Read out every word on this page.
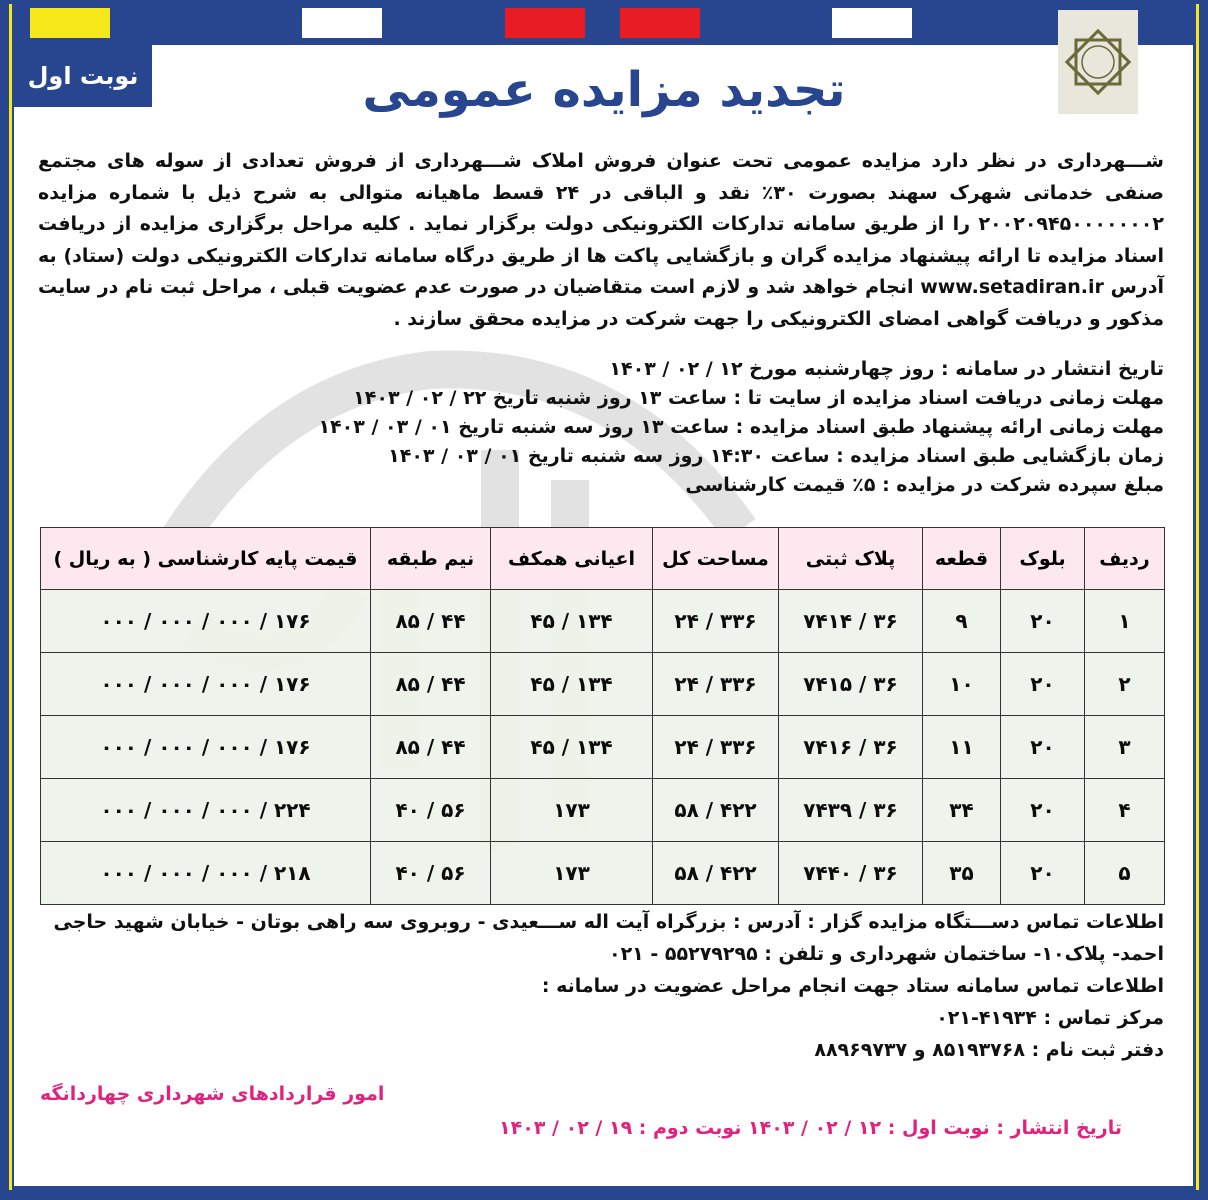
نوبت اول	تجدید مزایده عمومی
شـــهرداری در نظر دارد مزایده عمومی تحت عنوان فروش املاک شـــهرداری از فروش تعدادی از سوله های مجتمع صنفی خدماتی شهرک سهند بصورت ۳۰٪ نقد و الباقی در ۲۴ قسط ماهیانه متوالی به شرح ذیل با شماره مزایده ۲۰۰۲۰۹۴۵۰۰۰۰۰۰۰۲ را از طریق سامانه تدارکات الکترونیکی دولت برگزار نماید . کلیه مراحل برگزاری مزایده از دریافت اسناد مزایده تا ارائه پیشنهاد مزایده گران و بازگشایی پاکت ها از طریق درگاه سامانه تدارکات الکترونیکی دولت (ستاد) به آدرس www.setadiran.ir انجام خواهد شد و لازم است متقاضیان در صورت عدم عضویت قبلی ، مراحل ثبت نام در سایت مذکور و دریافت گواهی امضای الکترونیکی را جهت شرکت در مزایده محقق سازند .
تاریخ انتشار در سامانه : روز چهارشنبه مورخ ۱۲ / ۰۲ / ۱۴۰۳
مهلت زمانی دریافت اسناد مزایده از سایت تا : ساعت ۱۳ روز شنبه تاریخ ۲۲ / ۰۲ / ۱۴۰۳
مهلت زمانی ارائه پیشنهاد طبق اسناد مزایده : ساعت ۱۳ روز سه شنبه تاریخ ۰۱ / ۰۳ / ۱۴۰۳
زمان بازگشایی طبق اسناد مزایده : ساعت ۱۴:۳۰ روز سه شنبه تاریخ ۰۱ / ۰۳ / ۱۴۰۳
مبلغ سپرده شرکت در مزایده : ۵٪ قیمت کارشناسی
ردیف	بلوک	قطعه	پلاک ثبتی	مساحت کل	اعیانی همکف	نیم طبقه	قیمت پایه کارشناسی ( به ریال )
۱	۲۰	۹	۳۶ / ۷۴۱۴	۳۳۶ / ۲۴	۱۳۴ / ۴۵	۴۴ / ۸۵	۱۷۶ / ۰۰۰ / ۰۰۰ / ۰۰۰
۲	۲۰	۱۰	۳۶ / ۷۴۱۵	۳۳۶ / ۲۴	۱۳۴ / ۴۵	۴۴ / ۸۵	۱۷۶ / ۰۰۰ / ۰۰۰ / ۰۰۰
۳	۲۰	۱۱	۳۶ / ۷۴۱۶	۳۳۶ / ۲۴	۱۳۴ / ۴۵	۴۴ / ۸۵	۱۷۶ / ۰۰۰ / ۰۰۰ / ۰۰۰
۴	۲۰	۳۴	۳۶ / ۷۴۳۹	۴۲۲ / ۵۸	۱۷۳	۵۶ / ۴۰	۲۲۴ / ۰۰۰ / ۰۰۰ / ۰۰۰
۵	۲۰	۳۵	۳۶ / ۷۴۴۰	۴۲۲ / ۵۸	۱۷۳	۵۶ / ۴۰	۲۱۸ / ۰۰۰ / ۰۰۰ / ۰۰۰
اطلاعات تماس دســـتگاه مزایده گزار : آدرس : بزرگراه آیت اله ســـعیدی - روبروی سه راهی بوتان - خیابان شهید حاجی احمد- پلاک۱۰- ساختمان شهرداری و تلفن : ۵۵۲۷۹۲۹۵ - ۰۲۱
اطلاعات تماس سامانه ستاد جهت انجام مراحل عضویت در سامانه :
مرکز تماس : ۴۱۹۳۴-۰۲۱
دفتر ثبت نام : ۸۵۱۹۳۷۶۸ و ۸۸۹۶۹۷۳۷
امور قراردادهای شهرداری چهاردانگه
تاریخ انتشار : نوبت اول : ۱۲ / ۰۲ / ۱۴۰۳ نوبت دوم : ۱۹ / ۰۲ / ۱۴۰۳
